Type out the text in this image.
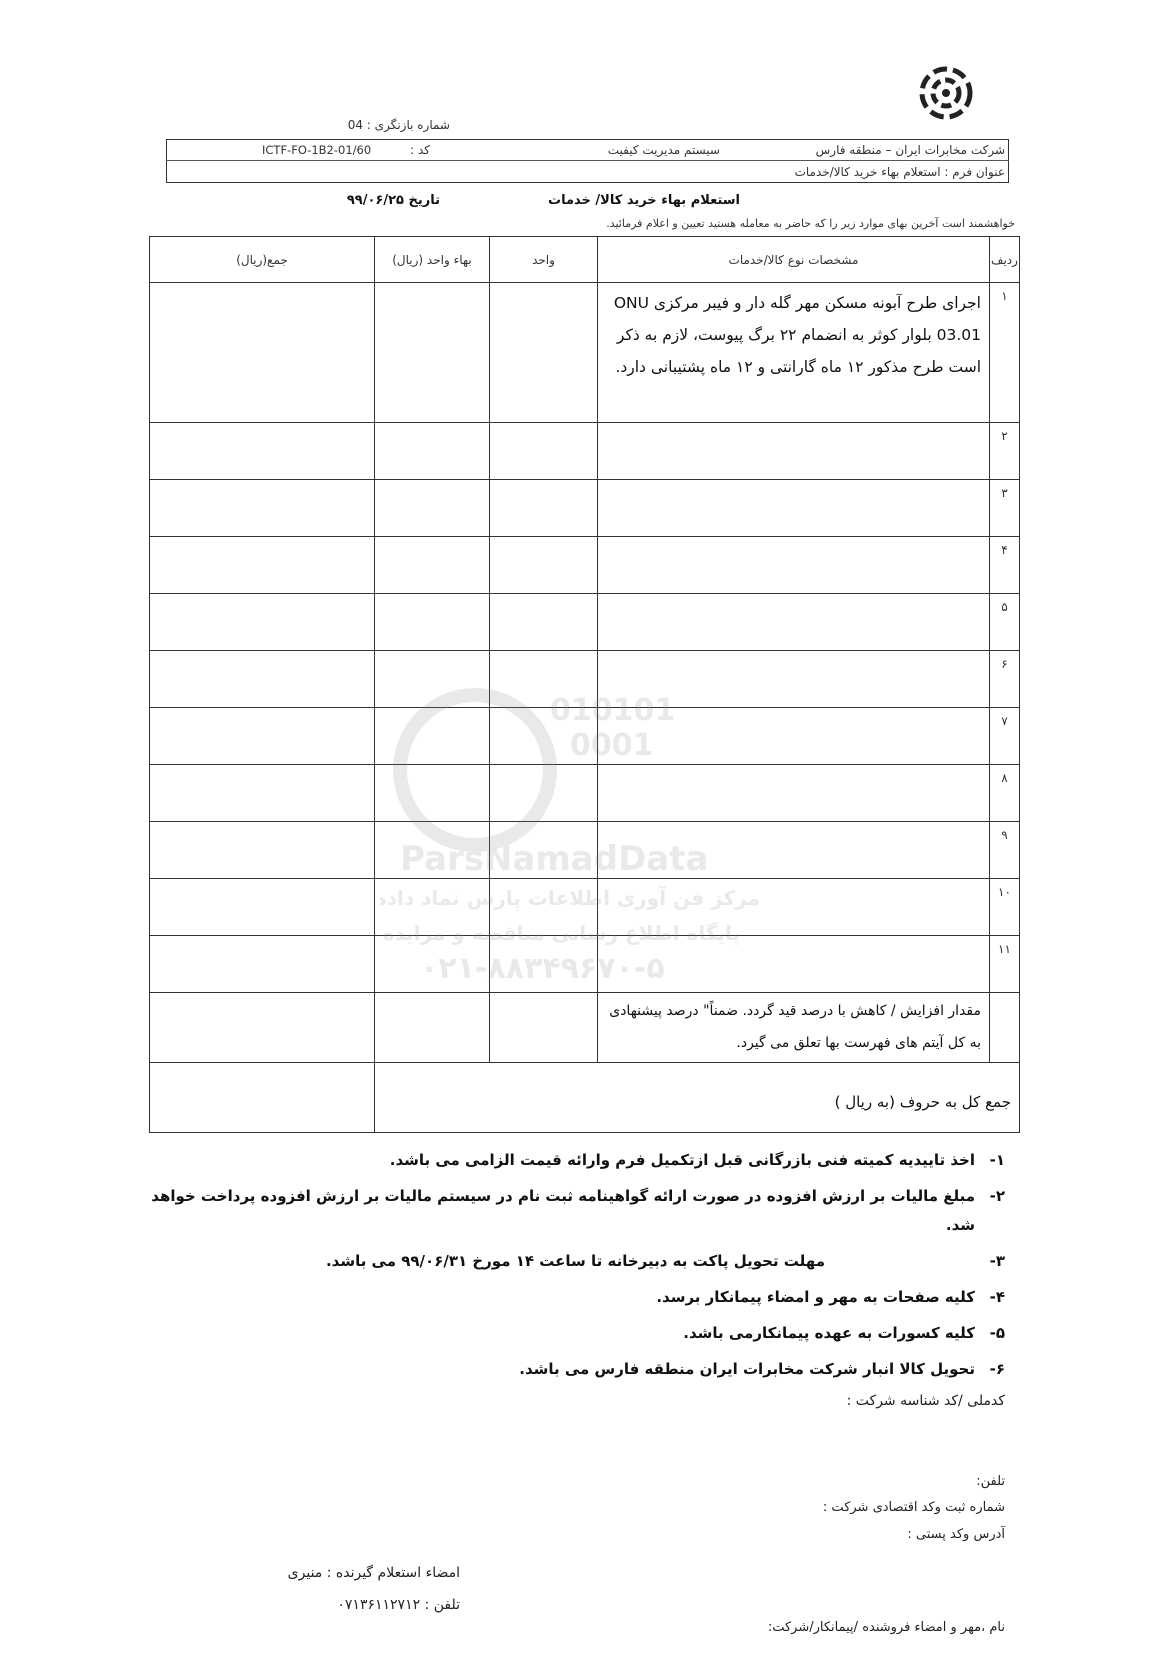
شماره بازنگری : 04
شرکت مخابرات ایران – منطقه فارس
سیستم مدیریت کیفیت
کد :
ICTF-FO-1B2-01/60
عنوان فرم : استعلام بهاء خرید کالا/خدمات
استعلام بهاء خرید کالا/ خدمات
تاریخ ۹۹/۰۶/۲۵
خواهشمند است آخرین بهای موارد زیر را که حاضر به معامله هستید تعیین و اعلام فرمائید.
جمع(ریال)	بهاء واحد (ریال)	واحد	مشخصات نوع کالا/خدمات	ردیف
			اجرای طرح آبونه مسکن مهر گله دار و فیبر مرکزی ONU 03.01 بلوار کوثر به انضمام ۲۲ برگ پیوست، لازم به ذکر است طرح مذکور ۱۲ ماه گارانتی و ۱۲ ماه پشتیبانی دارد.	۱
				۲
				۳
				۴
				۵
				۶
				۷
				۸
				۹
				۱۰
				۱۱
			مقدار افزایش / کاهش با درصد قید گردد. ضمناً" درصد پیشنهادی به کل آیتم های فهرست بها تعلق می گیرد.	
	جمع کل به حروف (به ریال )			
010101
0001
ParsNamadData
مرکز فن آوری اطلاعات پارس نماد داده ها
پایگاه اطلاع رسانی مناقصه و مزایده
۰۲۱-۸۸۳۴۹۶۷۰-۵
۱-
اخذ تاییدیه کمیته فنی بازرگانی قبل ازتکمیل فرم وارائه قیمت الزامی می باشد.
۲-
مبلغ مالیات بر ارزش افزوده در صورت ارائه گواهینامه ثبت نام در سیستم مالیات بر ارزش افزوده پرداخت خواهد شد.
۳-
مهلت تحویل پاکت به دبیرخانه تا ساعت ۱۴ مورخ ۹۹/۰۶/۳۱ می باشد.
۴-
کلیه صفحات به مهر و امضاء پیمانکار برسد.
۵-
کلیه کسورات به عهده پیمانکارمی باشد.
۶-
تحویل کالا انبار شرکت مخابرات ایران منطقه فارس می باشد.
کدملی /کد شناسه شرکت :
تلفن:
شماره ثبت وکد اقتصادی شرکت :
آدرس وکد پستی :
امضاء استعلام گیرنده : منیری
تلفن : ۰۷۱۳۶۱۱۲۷۱۲
نام ،مهر و امضاء فروشنده /پیمانکار/شرکت:
